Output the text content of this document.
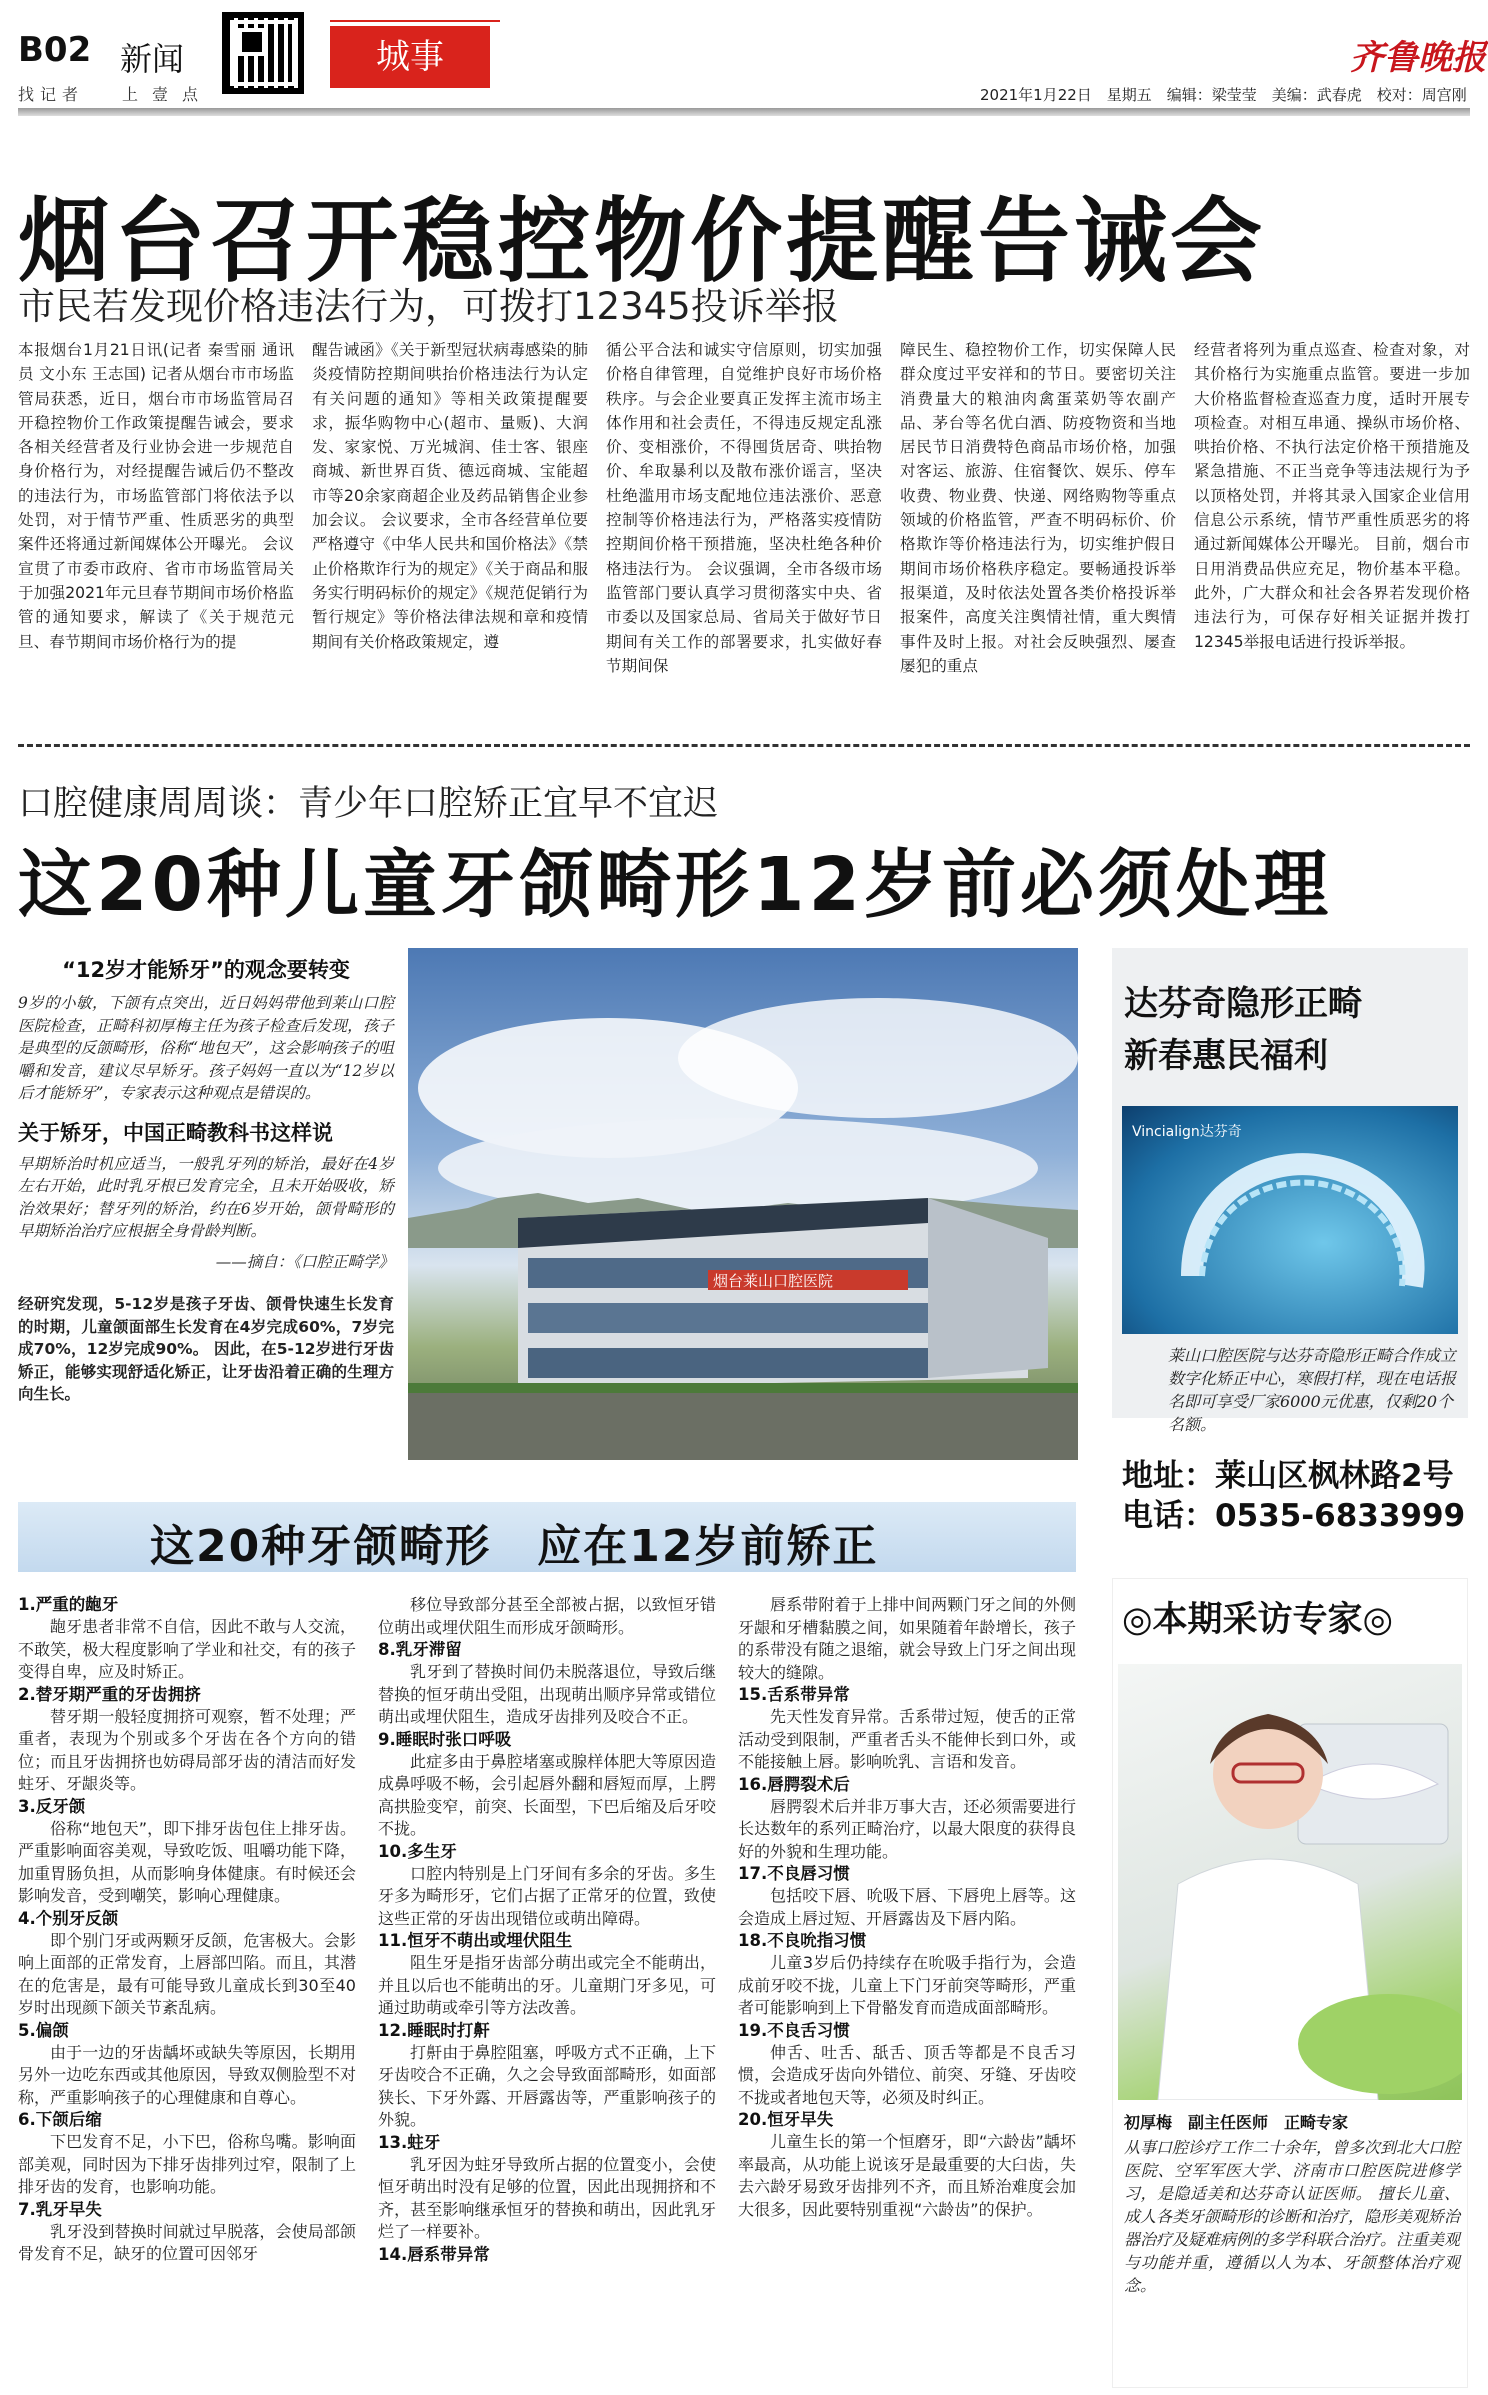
B02 新闻
找记者 上壹点
城事	齐鲁晚报
2021年1月22日　星期五　编辑：梁莹莹　美编：武春虎　校对：周宫刚
烟台召开稳控物价提醒告诫会
市民若发现价格违法行为，可拨打12345投诉举报
本报烟台1月21日讯(记者 秦雪丽 通讯员 文小东 王志国) 记者从烟台市市场监管局获悉，近日，烟台市市场监管局召开稳控物价工作政策提醒告诫会，要求各相关经营者及行业协会进一步规范自身价格行为，对经提醒告诫后仍不整改的违法行为，市场监管部门将依法予以处罚，对于情节严重、性质恶劣的典型案件还将通过新闻媒体公开曝光。 会议宣贯了市委市政府、省市市场监管局关于加强2021年元旦春节期间市场价格监管的通知要求，解读了《关于规范元旦、春节期间市场价格行为的提
醒告诫函》《关于新型冠状病毒感染的肺炎疫情防控期间哄抬价格违法行为认定有关问题的通知》等相关政策提醒要求，振华购物中心(超市、量贩)、大润发、家家悦、万光城润、佳士客、银座商城、新世界百货、德远商城、宝能超市等20余家商超企业及药品销售企业参加会议。 会议要求，全市各经营单位要严格遵守《中华人民共和国价格法》《禁止价格欺诈行为的规定》《关于商品和服务实行明码标价的规定》《规范促销行为暂行规定》等价格法律法规和章和疫情期间有关价格政策规定，遵
循公平合法和诚实守信原则，切实加强价格自律管理，自觉维护良好市场价格秩序。与会企业要真正发挥主流市场主体作用和社会责任，不得违反规定乱涨价、变相涨价，不得囤货居奇、哄抬物价、牟取暴利以及散布涨价谣言，坚决杜绝滥用市场支配地位违法涨价、恶意控制等价格违法行为，严格落实疫情防控期间价格干预措施，坚决杜绝各种价格违法行为。 会议强调，全市各级市场监管部门要认真学习贯彻落实中央、省市委以及国家总局、省局关于做好节日期间有关工作的部署要求，扎实做好春节期间保
障民生、稳控物价工作，切实保障人民群众度过平安祥和的节日。要密切关注消费量大的粮油肉禽蛋菜奶等农副产品、茅台等名优白酒、防疫物资和当地居民节日消费特色商品市场价格，加强对客运、旅游、住宿餐饮、娱乐、停车收费、物业费、快递、网络购物等重点领域的价格监管，严查不明码标价、价格欺诈等价格违法行为，切实维护假日期间市场价格秩序稳定。要畅通投诉举报渠道，及时依法处置各类价格投诉举报案件，高度关注舆情社情，重大舆情事件及时上报。对社会反映强烈、屡查屡犯的重点
经营者将列为重点巡查、检查对象，对其价格行为实施重点监管。要进一步加大价格监督检查巡查力度，适时开展专项检查。对相互串通、操纵市场价格、哄抬价格、不执行法定价格干预措施及紧急措施、不正当竞争等违法规行为予以顶格处罚，并将其录入国家企业信用信息公示系统，情节严重性质恶劣的将通过新闻媒体公开曝光。 目前，烟台市日用消费品供应充足，物价基本平稳。此外，广大群众和社会各界若发现价格违法行为，可保存好相关证据并拨打12345举报电话进行投诉举报。
口腔健康周周谈：青少年口腔矫正宜早不宜迟
这20种儿童牙颌畸形12岁前必须处理
“12岁才能矫牙”的观念要转变
9岁的小敏，下颌有点突出，近日妈妈带他到莱山口腔医院检查，正畸科初厚梅主任为孩子检查后发现，孩子是典型的反颌畸形，俗称“地包天”，这会影响孩子的咀嚼和发音，建议尽早矫牙。孩子妈妈一直以为“12岁以后才能矫牙”，专家表示这种观点是错误的。
关于矫牙，中国正畸教科书这样说
早期矫治时机应适当，一般乳牙列的矫治，最好在4岁左右开始，此时乳牙根已发育完全，且未开始吸收，矫治效果好；替牙列的矫治，约在6岁开始，颌骨畸形的早期矫治治疗应根据全身骨龄判断。
——摘自：《口腔正畸学》
经研究发现，5-12岁是孩子牙齿、颌骨快速生长发育的时期，儿童颌面部生长发育在4岁完成60%，7岁完成70%，12岁完成90%。 因此，在5-12岁进行牙齿矫正，能够实现舒适化矫正，让牙齿沿着正确的生理方向生长。
烟台莱山口腔医院
达芬奇隐形正畸
新春惠民福利
Vincialign达芬奇
莱山口腔医院与达芬奇隐形正畸合作成立数字化矫正中心，寒假打样，现在电话报名即可享受厂家6000元优惠，仅剩20个名额。
地址：莱山区枫林路2号
电话：0535-6833999
这20种牙颌畸形　应在12岁前矫正
1.严重的龅牙
龅牙患者非常不自信，因此不敢与人交流，不敢笑，极大程度影响了学业和社交，有的孩子变得自卑，应及时矫正。
2.替牙期严重的牙齿拥挤
替牙期一般轻度拥挤可观察，暂不处理；严重者，表现为个别或多个牙齿在各个方向的错位；而且牙齿拥挤也妨碍局部牙齿的清洁而好发蛀牙、牙龈炎等。
3.反牙颌
俗称“地包天”，即下排牙齿包住上排牙齿。严重影响面容美观，导致吃饭、咀嚼功能下降，加重胃肠负担，从而影响身体健康。有时候还会影响发音，受到嘲笑，影响心理健康。
4.个别牙反颌
即个别门牙或两颗牙反颌，危害极大。会影响上面部的正常发育，上唇部凹陷。而且，其潜在的危害是，最有可能导致儿童成长到30至40岁时出现颜下颌关节紊乱病。
5.偏颌
由于一边的牙齿龋坏或缺失等原因，长期用另外一边吃东西或其他原因，导致双侧脸型不对称，严重影响孩子的心理健康和自尊心。
6.下颌后缩
下巴发育不足，小下巴，俗称鸟嘴。影响面部美观，同时因为下排牙齿排列过窄，限制了上排牙齿的发育，也影响功能。
7.乳牙早失
乳牙没到替换时间就过早脱落，会使局部颌骨发育不足，缺牙的位置可因邻牙
移位导致部分甚至全部被占据，以致恒牙错位萌出或埋伏阻生而形成牙颌畸形。
8.乳牙滞留
乳牙到了替换时间仍未脱落退位，导致后继替换的恒牙萌出受阻，出现萌出顺序异常或错位萌出或埋伏阻生，造成牙齿排列及咬合不正。
9.睡眠时张口呼吸
此症多由于鼻腔堵塞或腺样体肥大等原因造成鼻呼吸不畅，会引起唇外翻和唇短而厚，上腭高拱脸变窄，前突、长面型，下巴后缩及后牙咬不拢。
10.多生牙
口腔内特别是上门牙间有多余的牙齿。多生牙多为畸形牙，它们占据了正常牙的位置，致使这些正常的牙齿出现错位或萌出障碍。
11.恒牙不萌出或埋伏阻生
阻生牙是指牙齿部分萌出或完全不能萌出，并且以后也不能萌出的牙。儿童期门牙多见，可通过助萌或牵引等方法改善。
12.睡眠时打鼾
打鼾由于鼻腔阻塞，呼吸方式不正确，上下牙齿咬合不正确，久之会导致面部畸形，如面部狭长、下牙外露、开唇露齿等，严重影响孩子的外貌。
13.蛀牙
乳牙因为蛀牙导致所占据的位置变小，会使恒牙萌出时没有足够的位置，因此出现拥挤和不齐，甚至影响继承恒牙的替换和萌出，因此乳牙烂了一样要补。
14.唇系带异常
唇系带附着于上排中间两颗门牙之间的外侧牙龈和牙槽黏膜之间，如果随着年龄增长，孩子的系带没有随之退缩，就会导致上门牙之间出现较大的缝隙。
15.舌系带异常
先天性发育异常。舌系带过短，使舌的正常活动受到限制，严重者舌头不能伸长到口外，或不能接触上唇。影响吮乳、言语和发音。
16.唇腭裂术后
唇腭裂术后并非万事大吉，还必须需要进行长达数年的系列正畸治疗，以最大限度的获得良好的外貌和生理功能。
17.不良唇习惯
包括咬下唇、吮吸下唇、下唇兜上唇等。这会造成上唇过短、开唇露齿及下唇内陷。
18.不良吮指习惯
儿童3岁后仍持续存在吮吸手指行为，会造成前牙咬不拢，儿童上下门牙前突等畸形，严重者可能影响到上下骨骼发育而造成面部畸形。
19.不良舌习惯
伸舌、吐舌、舐舌、顶舌等都是不良舌习惯，会造成牙齿向外错位、前突、牙缝、牙齿咬不拢或者地包天等，必须及时纠正。
20.恒牙早失
儿童生长的第一个恒磨牙，即“六龄齿”龋坏率最高，从功能上说该牙是最重要的大臼齿，失去六龄牙易致牙齿排列不齐，而且矫治难度会加大很多，因此要特别重视“六龄齿”的保护。
◎本期采访专家◎
初厚梅　副主任医师　正畸专家
从事口腔诊疗工作二十余年，曾多次到北大口腔医院、空军军医大学、济南市口腔医院进修学习，是隐适美和达芬奇认证医师。 擅长儿童、成人各类牙颌畸形的诊断和治疗，隐形美观矫治器治疗及疑难病例的多学科联合治疗。注重美观与功能并重，遵循以人为本、牙颌整体治疗观念。
